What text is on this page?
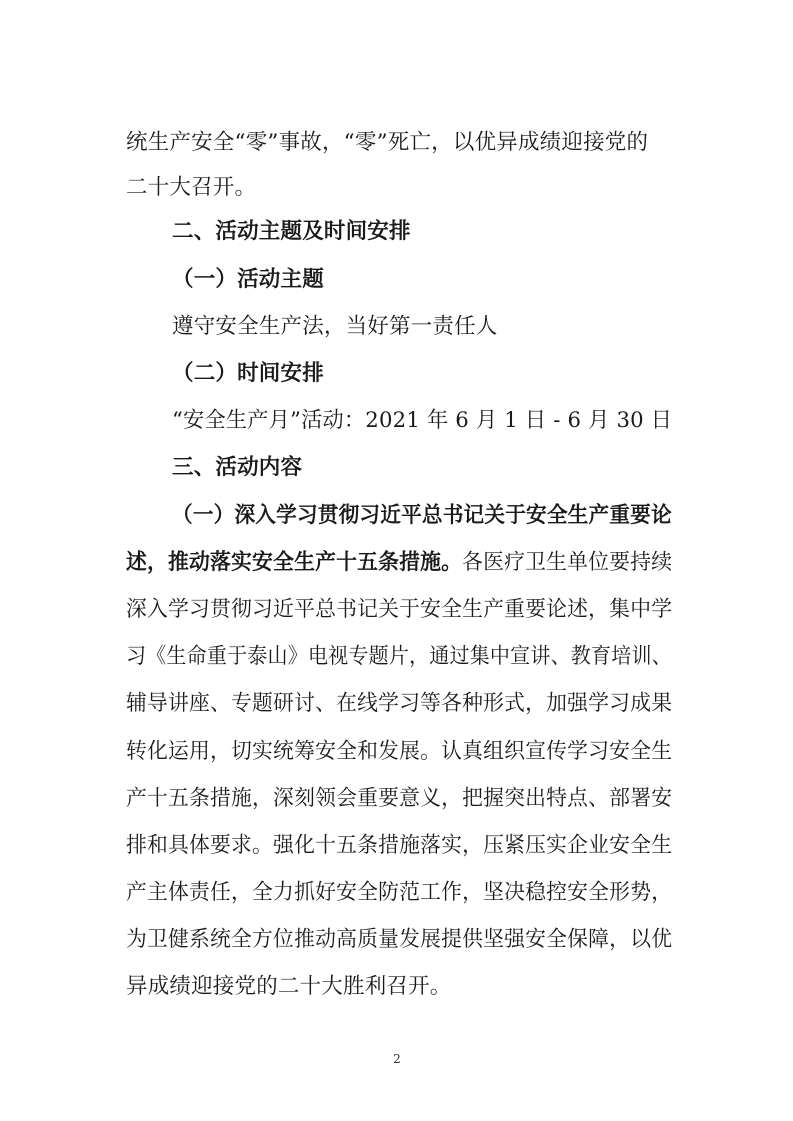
统生产安全“零”事故，“零”死亡，以优异成绩迎接党的
二十大召开。
二、活动主题及时间安排
（一）活动主题
遵守安全生产法，当好第一责任人
（二）时间安排
“安全生产月”活动：2021 年 6 月 1 日 - 6 月 30 日
三、活动内容
（一）深入学习贯彻习近平总书记关于安全生产重要论
述，推动落实安全生产十五条措施。各医疗卫生单位要持续
深入学习贯彻习近平总书记关于安全生产重要论述，集中学
习《生命重于泰山》电视专题片，通过集中宣讲、教育培训、
辅导讲座、专题研讨、在线学习等各种形式，加强学习成果
转化运用，切实统筹安全和发展。认真组织宣传学习安全生
产十五条措施，深刻领会重要意义，把握突出特点、部署安
排和具体要求。强化十五条措施落实，压紧压实企业安全生
产主体责任，全力抓好安全防范工作，坚决稳控安全形势，
为卫健系统全方位推动高质量发展提供坚强安全保障，以优
异成绩迎接党的二十大胜利召开。
2
